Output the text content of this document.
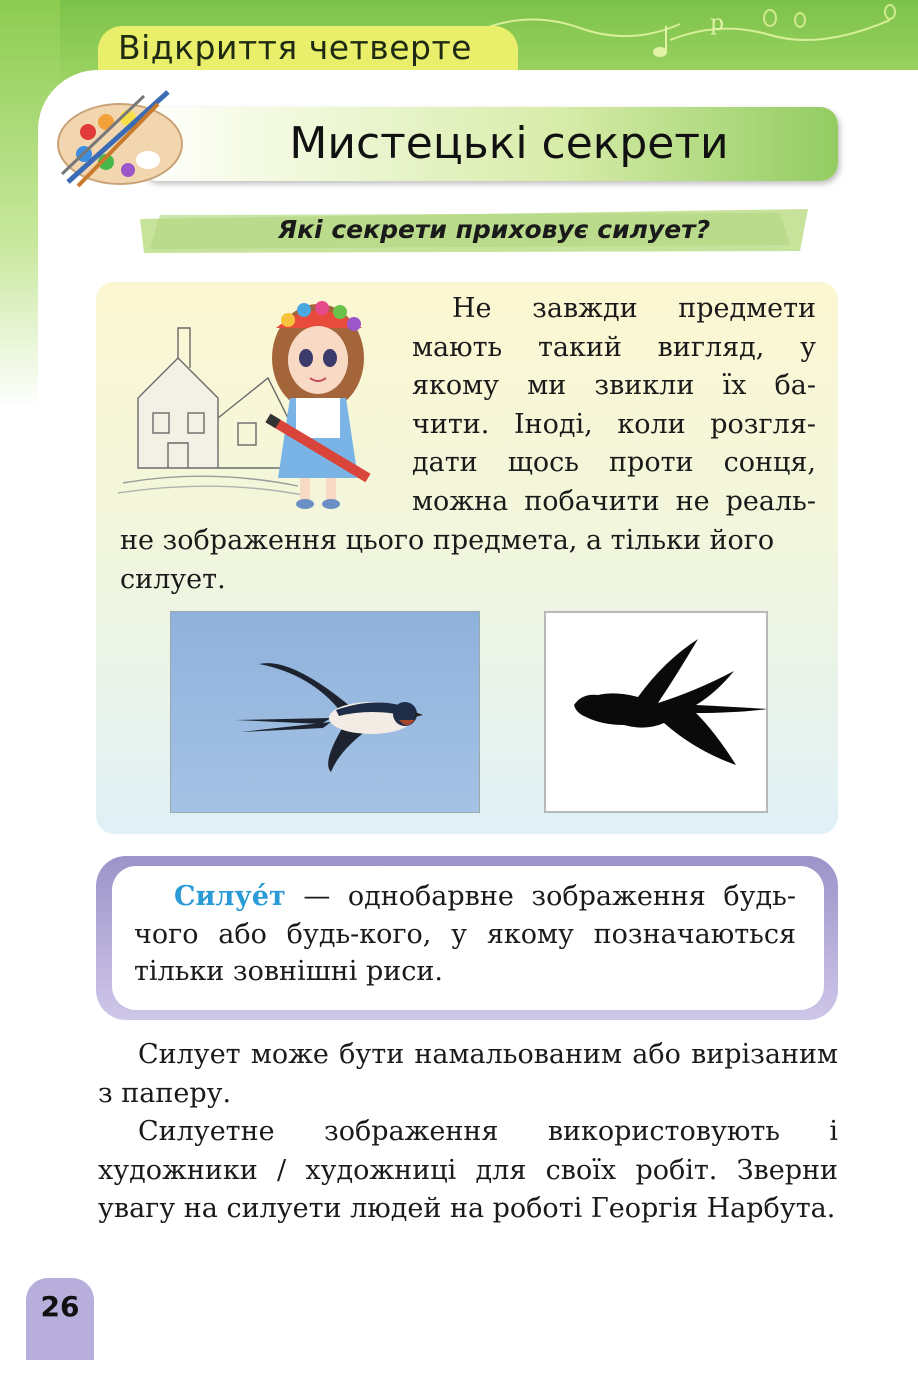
p
Відкриття четверте
Мистецькі секрети
Які секрети приховує силует?

Не завжди предмети

мають такий вигляд, у

якому ми звикли їх ба-

чити. Іноді, коли розгля-

дати щось проти сонця,

можна побачити не реаль-

не зображення цього предмета, а тільки його

силует.

Силуе́т — однобарвне зображення будь-чого або будь-кого, у якому позначаються тільки зовнішні риси.

Силует може бути намальованим або вирізаним з паперу.

Силуетне зображення використовують і художники / художниці для своїх робіт. Зверни увагу на силуети людей на роботі Георгія Нарбута.

26
